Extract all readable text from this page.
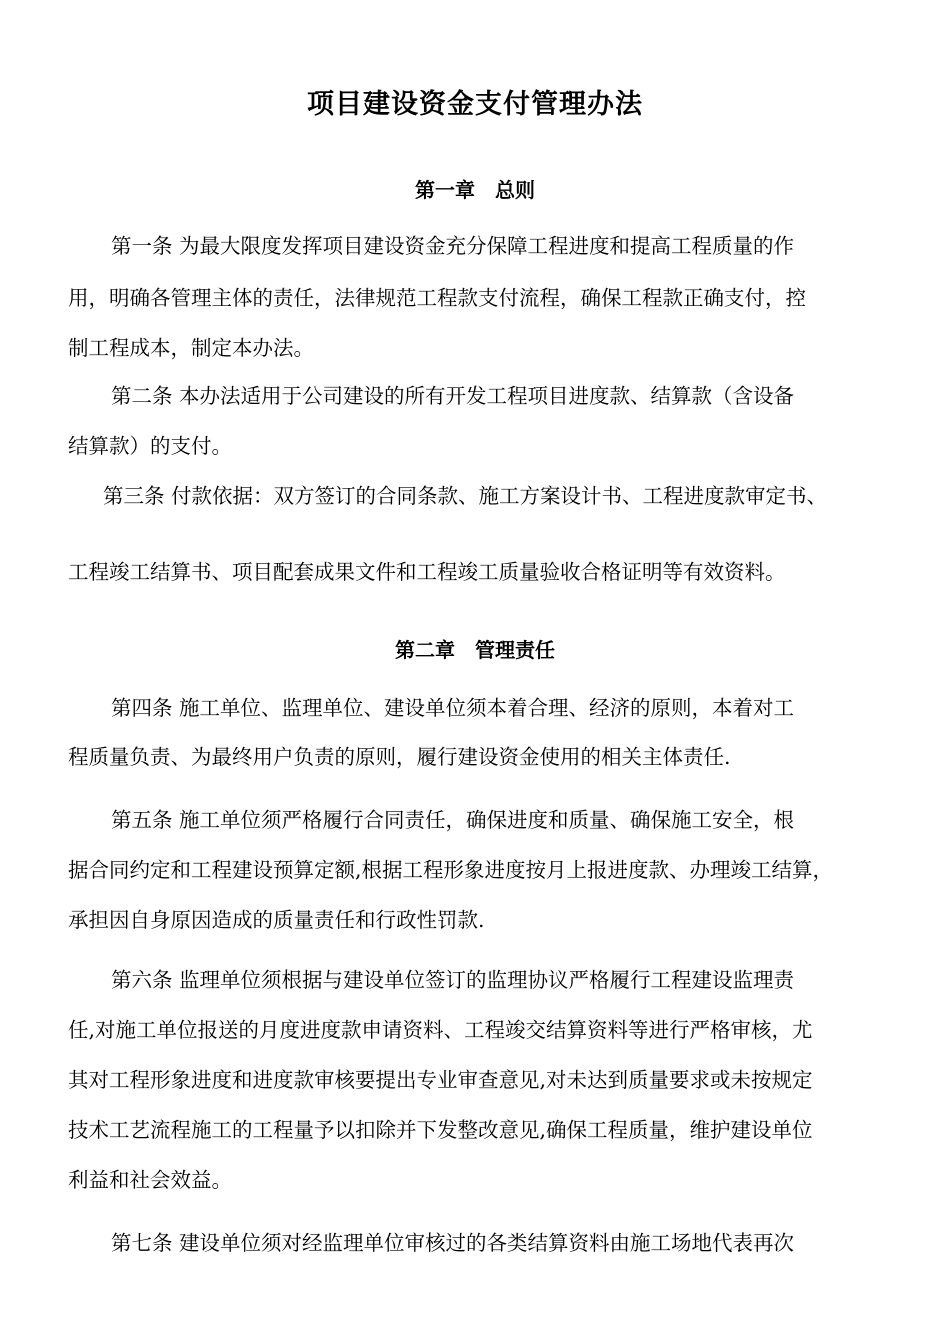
项目建设资金支付管理办法
第一章　总则
第一条 为最大限度发挥项目建设资金充分保障工程进度和提高工程质量的作
用，明确各管理主体的责任，法律规范工程款支付流程，确保工程款正确支付，控
制工程成本，制定本办法。
第二条 本办法适用于公司建设的所有开发工程项目进度款、结算款（含设备
结算款）的支付。
第三条 付款依据：双方签订的合同条款、施工方案设计书、工程进度款审定书、
工程竣工结算书、项目配套成果文件和工程竣工质量验收合格证明等有效资料。
第二章　管理责任
第四条 施工单位、监理单位、建设单位须本着合理、经济的原则，本着对工
程质量负责、为最终用户负责的原则，履行建设资金使用的相关主体责任.
第五条 施工单位须严格履行合同责任，确保进度和质量、确保施工安全，根
据合同约定和工程建设预算定额,根据工程形象进度按月上报进度款、办理竣工结算，
承担因自身原因造成的质量责任和行政性罚款.
第六条 监理单位须根据与建设单位签订的监理协议严格履行工程建设监理责
任,对施工单位报送的月度进度款申请资料、工程竣交结算资料等进行严格审核，尤
其对工程形象进度和进度款审核要提出专业审查意见,对未达到质量要求或未按规定
技术工艺流程施工的工程量予以扣除并下发整改意见,确保工程质量，维护建设单位
利益和社会效益。
第七条 建设单位须对经监理单位审核过的各类结算资料由施工场地代表再次
